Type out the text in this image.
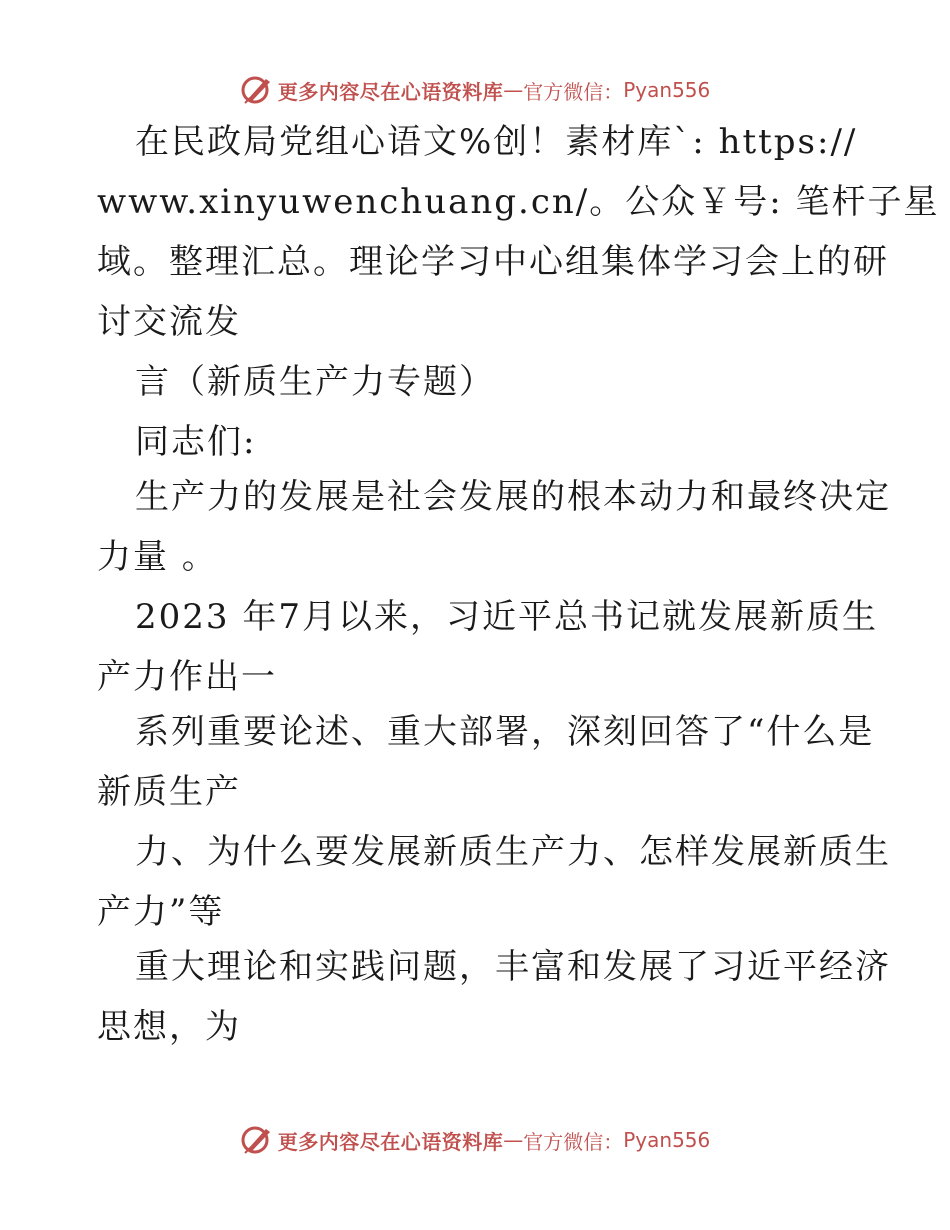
更多内容尽在心语资料库 — 官方微信： Pyan556
在民政局党组心语文%创！素材库`: https://
www.xinyuwenchuang.cn/。公众￥号: 笔杆子星
域。整理汇总。理论学习中心组集体学习会上的研
讨交流发
言（新质生产力专题）
同志们:
生产力的发展是社会发展的根本动力和最终决定
力量 。
2023 年7月以来，习近平总书记就发展新质生
产力作出一
系列重要论述、重大部署，深刻回答了“什么是
新质生产
力、为什么要发展新质生产力、怎样发展新质生
产力”等
重大理论和实践问题，丰富和发展了习近平经济
思想，为
更多内容尽在心语资料库 — 官方微信： Pyan556
